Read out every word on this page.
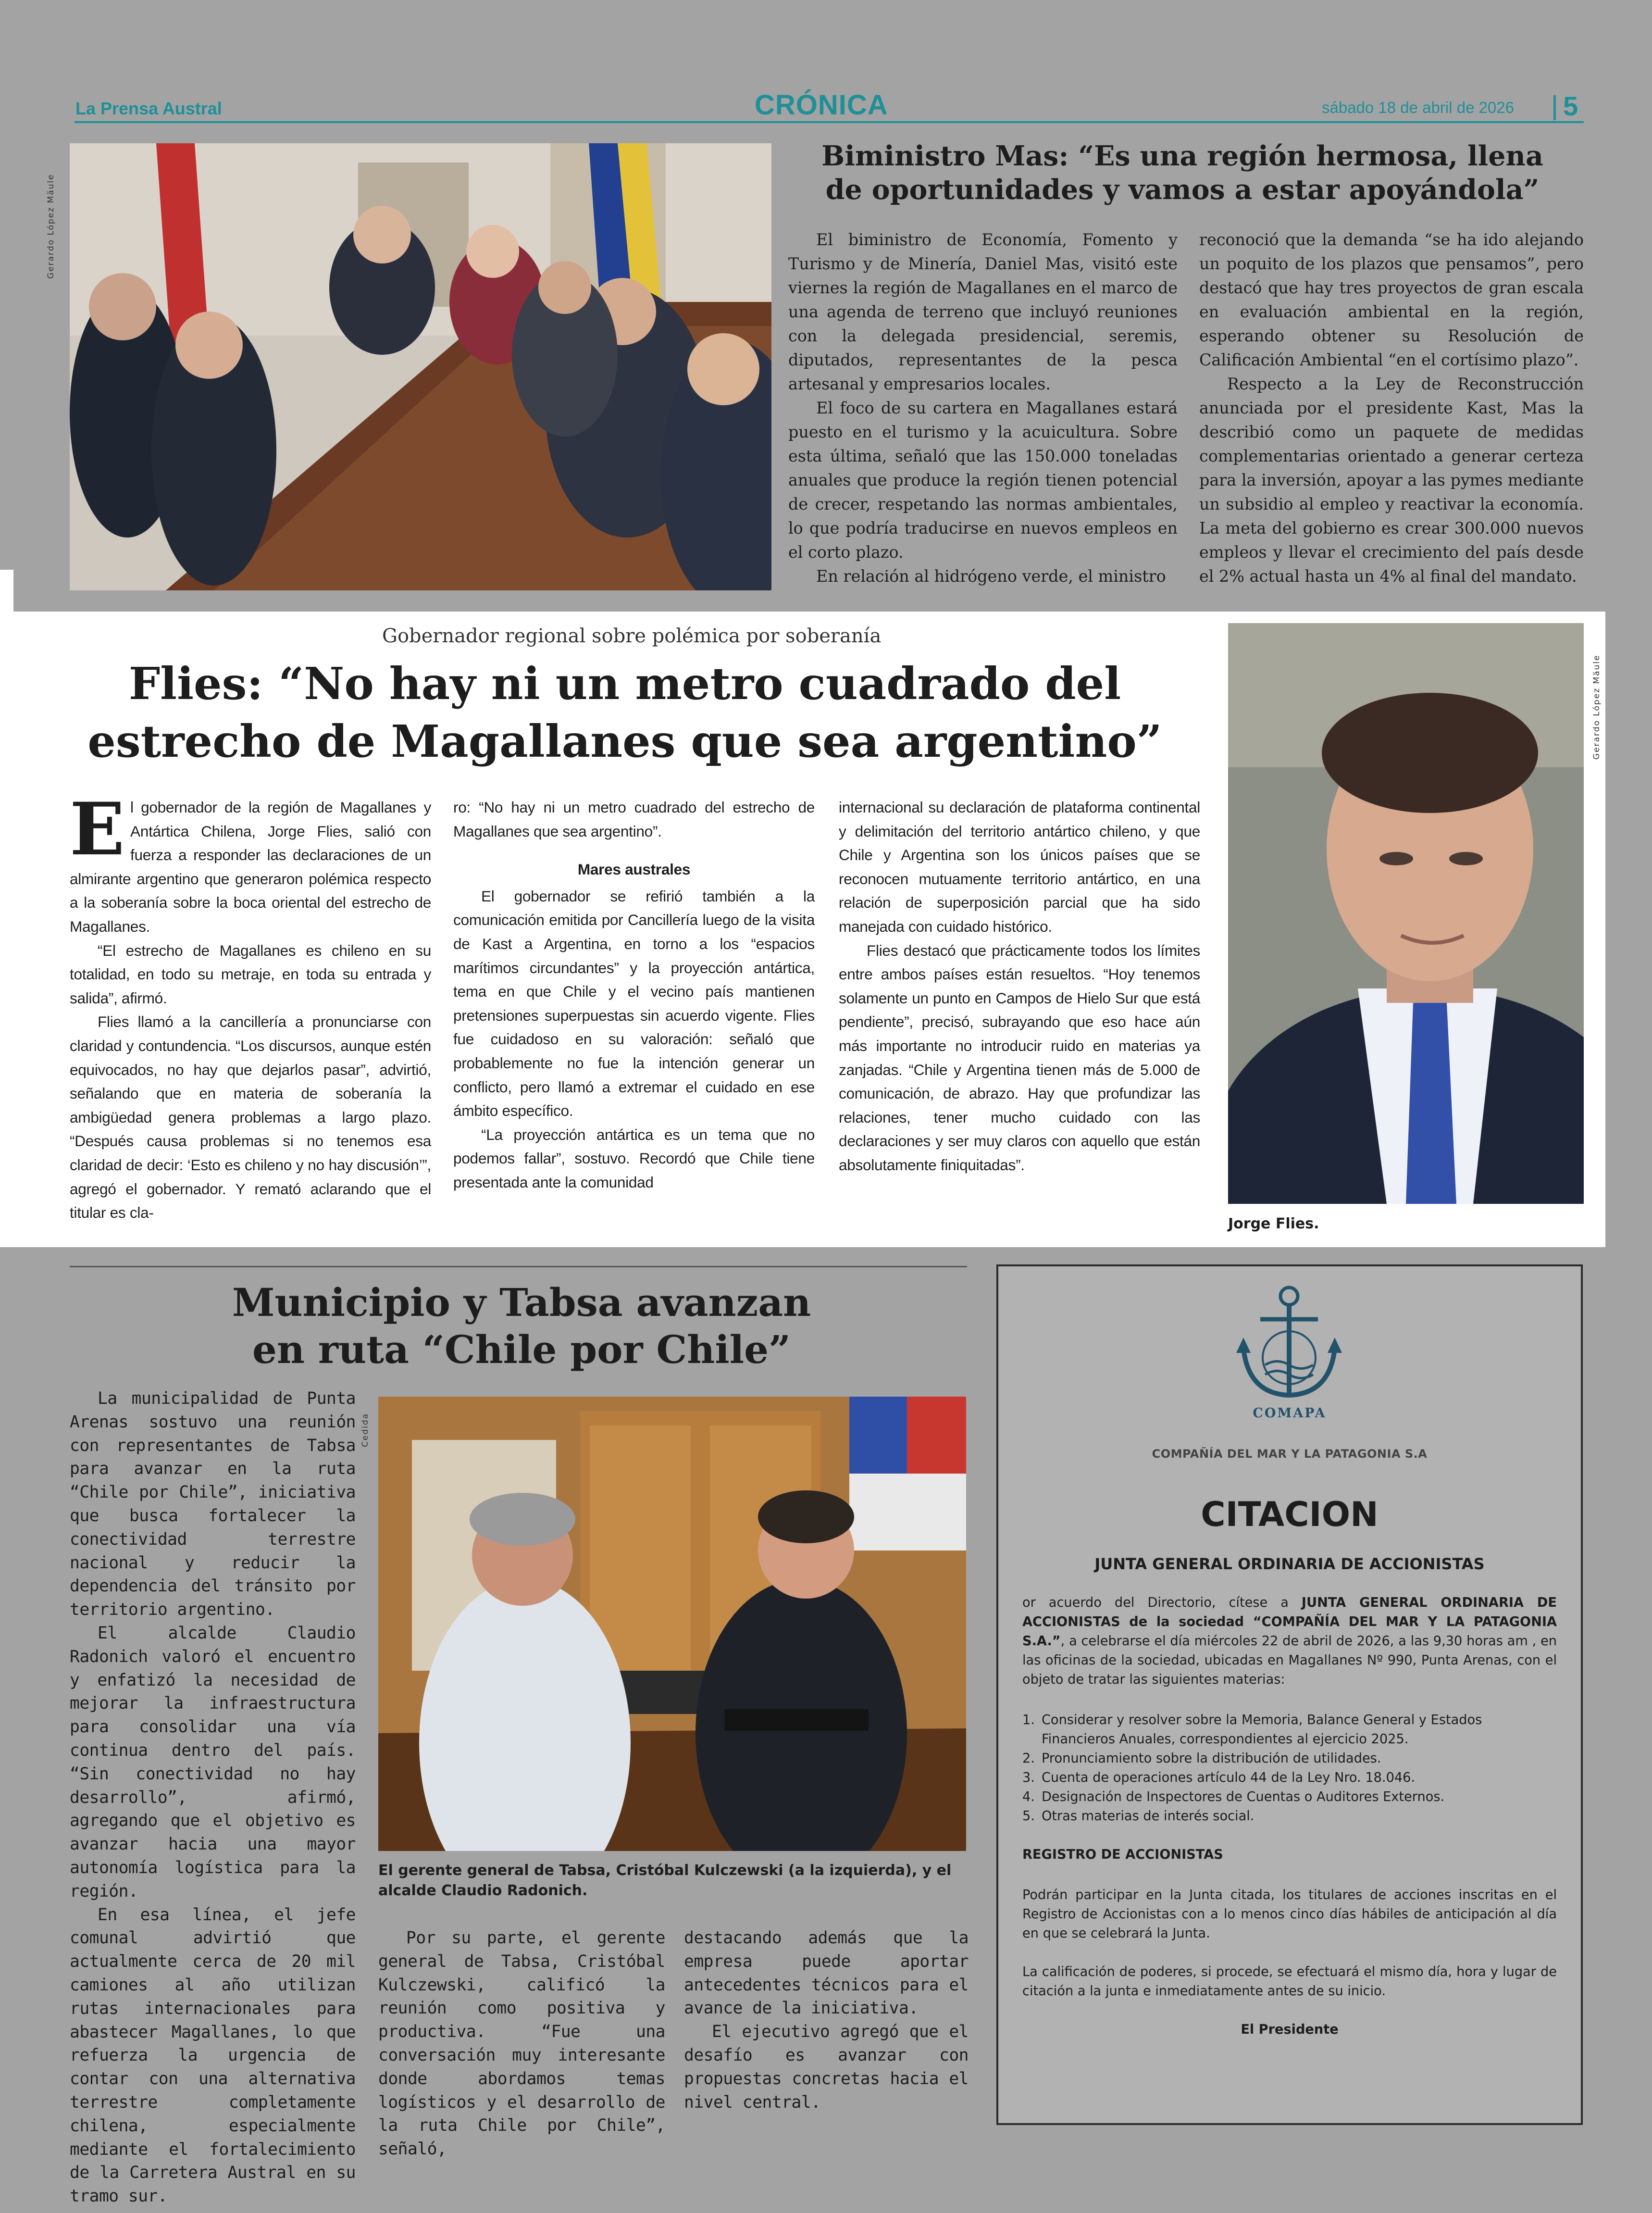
La Prensa Austral	CRÓNICA	sábado 18 de abril de 2026 5
Gerardo López Mäule
Biministro Mas: “Es una región hermosa, llena
de oportunidades y vamos a estar apoyándola”

El biministro de Economía, Fomento y Turismo y de Minería, Daniel Mas, visitó este viernes la región de Magallanes en el marco de una agenda de terreno que incluyó reuniones con la delegada presidencial, seremis, diputados, representantes de la pesca artesanal y empresarios locales.

El foco de su cartera en Magallanes estará puesto en el turismo y la acuicultura. Sobre esta última, señaló que las 150.000 toneladas anuales que produce la región tienen potencial de crecer, respetando las normas ambientales, lo que podría traducirse en nuevos empleos en el corto plazo.

En relación al hidrógeno verde, el ministro

reconoció que la demanda “se ha ido alejando un poquito de los plazos que pensamos”, pero destacó que hay tres proyectos de gran escala en evaluación ambiental en la región, esperando obtener su Resolución de Calificación Ambiental “en el cortísimo plazo”.

Respecto a la Ley de Reconstrucción anunciada por el presidente Kast, Mas la describió como un paquete de medidas complementarias orientado a generar certeza para la inversión, apoyar a las pymes mediante un subsidio al empleo y reactivar la economía. La meta del gobierno es crear 300.000 nuevos empleos y llevar el crecimiento del país desde el 2% actual hasta un 4% al final del mandato.

Gobernador regional sobre polémica por soberanía
Flies: “No hay ni un metro cuadrado del
estrecho de Magallanes que sea argentino”

El gobernador de la región de Magallanes y Antártica Chilena, Jorge Flies, salió con fuerza a responder las declaraciones de un almirante argentino que generaron polémica respecto a la soberanía sobre la boca oriental del estrecho de Magallanes.

“El estrecho de Magallanes es chileno en su totalidad, en todo su metraje, en toda su entrada y salida”, afirmó.

Flies llamó a la cancillería a pronunciarse con claridad y contundencia. “Los discursos, aunque estén equivocados, no hay que dejarlos pasar”, advirtió, señalando que en materia de soberanía la ambigüedad genera problemas a largo plazo. “Después causa problemas si no tenemos esa claridad de decir: ‘Esto es chileno y no hay discusión’”, agregó el gobernador. Y remató aclarando que el titular es cla-

ro: “No hay ni un metro cuadrado del estrecho de Magallanes que sea argentino”.

Mares australes

El gobernador se refirió también a la comunicación emitida por Cancillería luego de la visita de Kast a Argentina, en torno a los “espacios marítimos circundantes” y la proyección antártica, tema en que Chile y el vecino país mantienen pretensiones superpuestas sin acuerdo vigente. Flies fue cuidadoso en su valoración: señaló que probablemente no fue la intención generar un conflicto, pero llamó a extremar el cuidado en ese ámbito específico.

“La proyección antártica es un tema que no podemos fallar”, sostuvo. Recordó que Chile tiene presentada ante la comunidad

internacional su declaración de plataforma continental y delimitación del territorio antártico chileno, y que Chile y Argentina son los únicos países que se reconocen mutuamente territorio antártico, en una relación de superposición parcial que ha sido manejada con cuidado histórico.

Flies destacó que prácticamente todos los límites entre ambos países están resueltos. “Hoy tenemos solamente un punto en Campos de Hielo Sur que está pendiente”, precisó, subrayando que eso hace aún más importante no introducir ruido en materias ya zanjadas. “Chile y Argentina tienen más de 5.000 de comunicación, de abrazo. Hay que profundizar las relaciones, tener mucho cuidado con las declaraciones y ser muy claros con aquello que están absolutamente finiquitadas”.

Gerardo López Mäule
Jorge Flies.
Municipio y Tabsa avanzan
en ruta “Chile por Chile”

La municipalidad de Punta Arenas sostuvo una reunión con representantes de Tabsa para avanzar en la ruta “Chile por Chile”, iniciativa que busca fortalecer la conectividad terrestre nacional y reducir la dependencia del tránsito por territorio argentino.

El alcalde Claudio Radonich valoró el encuentro y enfatizó la necesidad de mejorar la infraestructura para consolidar una vía continua dentro del país. “Sin conectividad no hay desarrollo”, afirmó, agregando que el objetivo es avanzar hacia una mayor autonomía logística para la región.

En esa línea, el jefe comunal advirtió que actualmente cerca de 20 mil camiones al año utilizan rutas internacionales para abastecer Magallanes, lo que refuerza la urgencia de contar con una alternativa terrestre completamente chilena, especialmente mediante el fortalecimiento de la Carretera Austral en su tramo sur.

Cedida
El gerente general de Tabsa, Cristóbal Kulczewski (a la izquierda), y el alcalde Claudio Radonich.

Por su parte, el gerente general de Tabsa, Cristóbal Kulczewski, calificó la reunión como positiva y productiva. “Fue una conversación muy interesante donde abordamos temas logísticos y el desarrollo de la ruta Chile por Chile”, señaló,

destacando además que la empresa puede aportar antecedentes técnicos para el avance de la iniciativa.

El ejecutivo agregó que el desafío es avanzar con propuestas concretas hacia el nivel central.

COMAPA
COMPAÑÍA DEL MAR Y LA PATAGONIA S.A
CITACION
JUNTA GENERAL ORDINARIA DE ACCIONISTAS
or acuerdo del Directorio, cítese a JUNTA GENERAL ORDINARIA DE ACCIONISTAS de la sociedad “COMPAÑÍA DEL MAR Y LA PATAGONIA S.A.”, a celebrarse el día miércoles 22 de abril de 2026, a las 9,30 horas am , en las oficinas de la sociedad, ubicadas en Magallanes Nº 990, Punta Arenas, con el objeto de tratar las siguientes materias:
1. Considerar y resolver sobre la Memoria, Balance General y Estados Financieros Anuales, correspondientes al ejercicio 2025.
2. Pronunciamiento sobre la distribución de utilidades.
3. Cuenta de operaciones artículo 44 de la Ley Nro. 18.046.
4. Designación de Inspectores de Cuentas o Auditores Externos.
5. Otras materias de interés social.
REGISTRO DE ACCIONISTAS
Podrán participar en la Junta citada, los titulares de acciones inscritas en el Registro de Accionistas con a lo menos cinco días hábiles de anticipación al día en que se celebrará la Junta.
La calificación de poderes, si procede, se efectuará el mismo día, hora y lugar de citación a la junta e inmediatamente antes de su inicio.
El Presidente
